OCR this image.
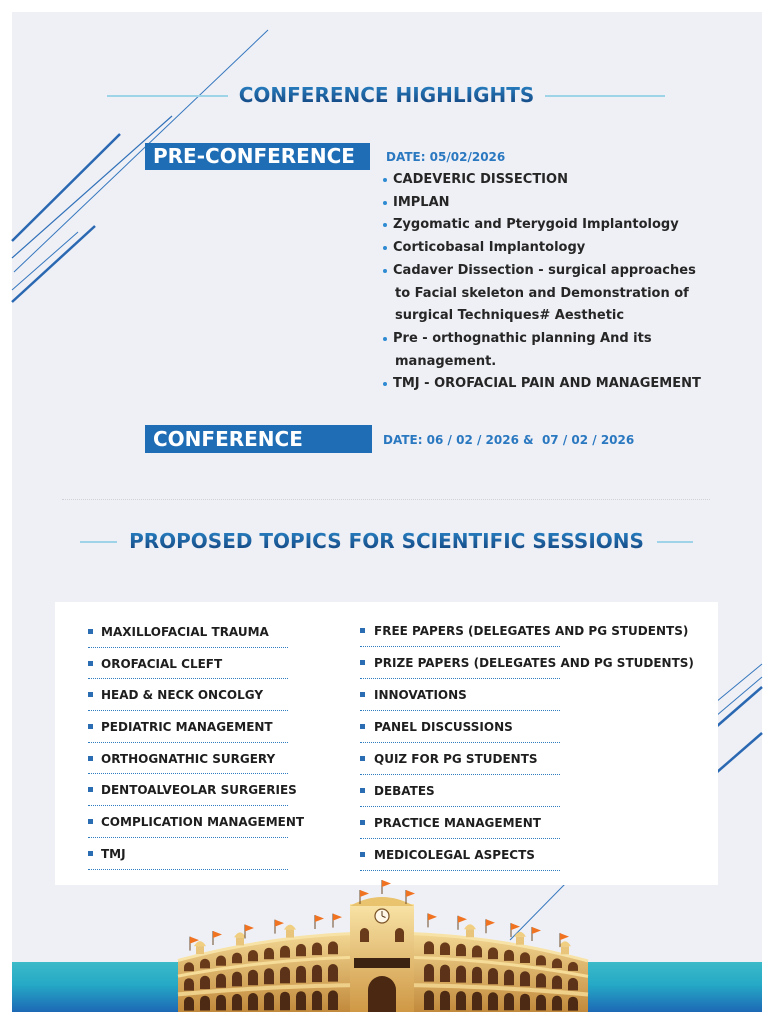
CONFERENCE HIGHLIGHTS
PRE-CONFERENCE	DATE: 05/02/2026
CADEVERIC DISSECTION
IMPLAN
Zygomatic and Pterygoid Implantology
Corticobasal Implantology
Cadaver Dissection - surgical approaches
to Facial skeleton and Demonstration of
surgical Techniques# Aesthetic
Pre - orthognathic planning And its
management.
TMJ - OROFACIAL PAIN AND MANAGEMENT
CONFERENCE	DATE: 06 / 02 / 2026 &  07 / 02 / 2026
PROPOSED TOPICS FOR SCIENTIFIC SESSIONS
MAXILLOFACIAL TRAUMA
OROFACIAL CLEFT
HEAD & NECK ONCOLGY
PEDIATRIC MANAGEMENT
ORTHOGNATHIC SURGERY
DENTOALVEOLAR SURGERIES
COMPLICATION MANAGEMENT
TMJ
FREE PAPERS (DELEGATES AND PG STUDENTS)
PRIZE PAPERS (DELEGATES AND PG STUDENTS)
INNOVATIONS
PANEL DISCUSSIONS
QUIZ FOR PG STUDENTS
DEBATES
PRACTICE MANAGEMENT
MEDICOLEGAL ASPECTS
